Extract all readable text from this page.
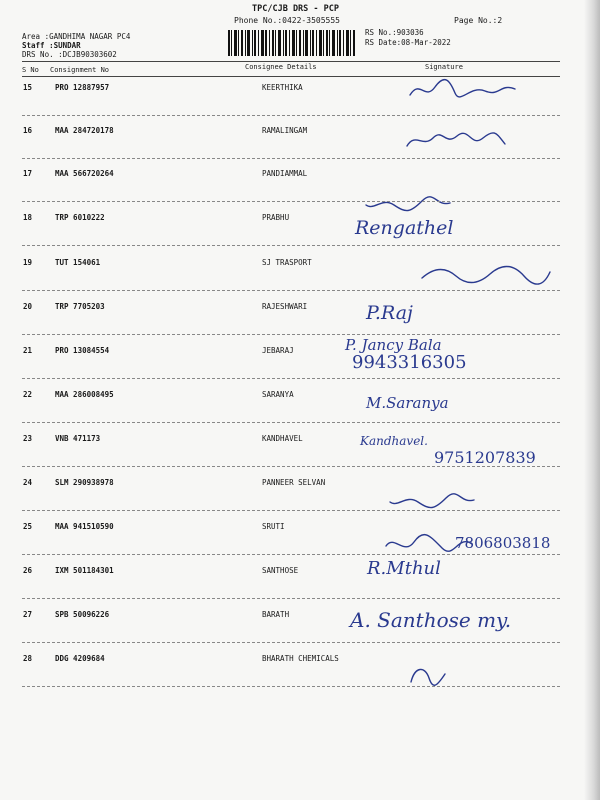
TPC/CJB DRS - PCP
Phone No.:0422-3505555	Page No.:2
Area :GANDHIMA NAGAR PC4
Staff :SUNDAR
DRS No. :DCJB90303602
RS No.:903036
RS Date:08-Mar-2022
S No Consignment No	Consignee Details	Signature
15	PRO 12887957	KEERTHIKA
16	MAA 284720178	RAMALINGAM
17	MAA 566720264	PANDIAMMAL
18	TRP 6010222	PRABHU	Rengathel
19	TUT 154061	SJ TRASPORT
20	TRP 7705203	RAJESHWARI	P.Raj
21	PRO 13084554	JEBARAJ	P. Jancy Bala
9943316305
22	MAA 286008495	SARANYA	M.Saranya
23	VNB 471173	KANDHAVEL	Kandhavel.
9751207839
24	SLM 290938978	PANNEER SELVAN
25	MAA 941510590	SRUTI
7806803818
26	IXM 501184301	SANTHOSE	R.Mthul
27	SPB 50096226	BARATH	A. Santhose my.
28	DDG 4209684	BHARATH CHEMICALS
